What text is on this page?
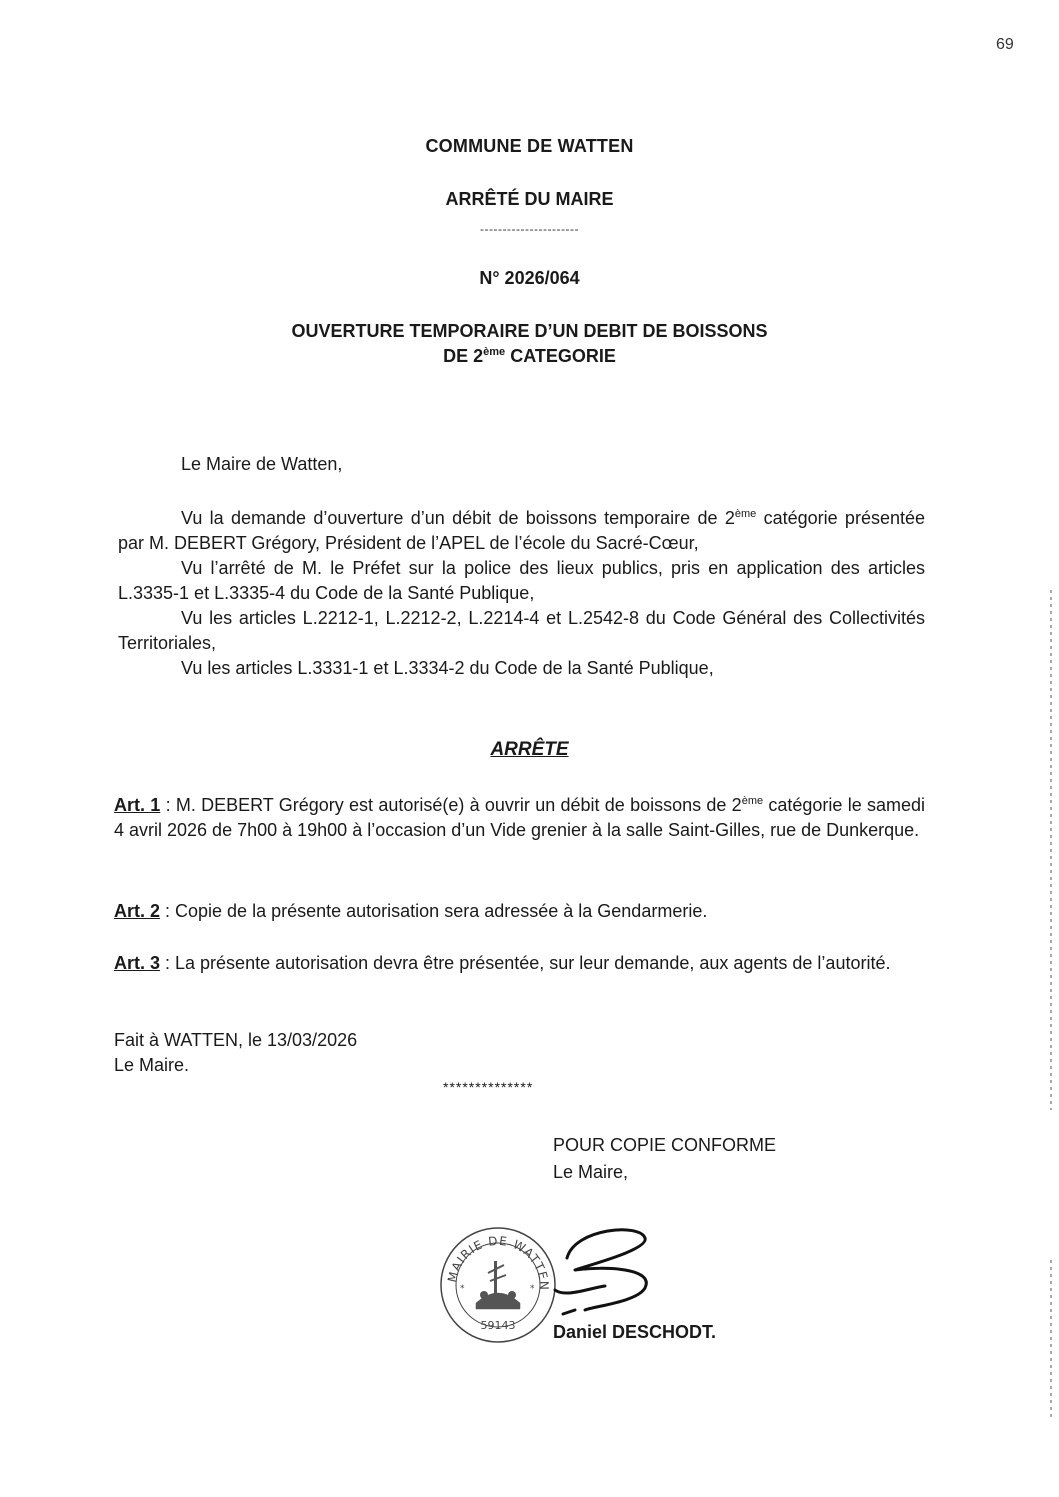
69
COMMUNE DE WATTEN
ARRÊTÉ DU MAIRE
----------------------
N° 2026/064
OUVERTURE TEMPORAIRE D’UN DEBIT DE BOISSONS
DE 2ème CATEGORIE
Le Maire de Watten,

Vu la demande d’ouverture d’un débit de boissons temporaire de 2ème catégorie présentée par M. DEBERT Grégory, Président de l’APEL de l’école du Sacré-Cœur,

Vu l’arrêté de M. le Préfet sur la police des lieux publics, pris en application des articles L.3335-1 et L.3335-4 du Code de la Santé Publique,

Vu les articles L.2212-1, L.2212-2, L.2214-4 et L.2542-8 du Code Général des Collectivités Territoriales,

Vu les articles L.3331-1 et L.3334-2 du Code de la Santé Publique,

ARRÊTE

Art. 1 : M. DEBERT Grégory est autorisé(e) à ouvrir un débit de boissons de 2ème catégorie le samedi 4 avril 2026 de 7h00 à 19h00 à l’occasion d’un Vide grenier à la salle Saint-Gilles, rue de Dunkerque.

Art. 2 : Copie de la présente autorisation sera adressée à la Gendarmerie.

Art. 3 : La présente autorisation devra être présentée, sur leur demande, aux agents de l’autorité.

Fait à WATTEN, le 13/03/2026
Le Maire.
**************
POUR COPIE CONFORME
Le Maire,
MAIRIE DE WATTEN
*	*
59143 Daniel DESCHODT.
